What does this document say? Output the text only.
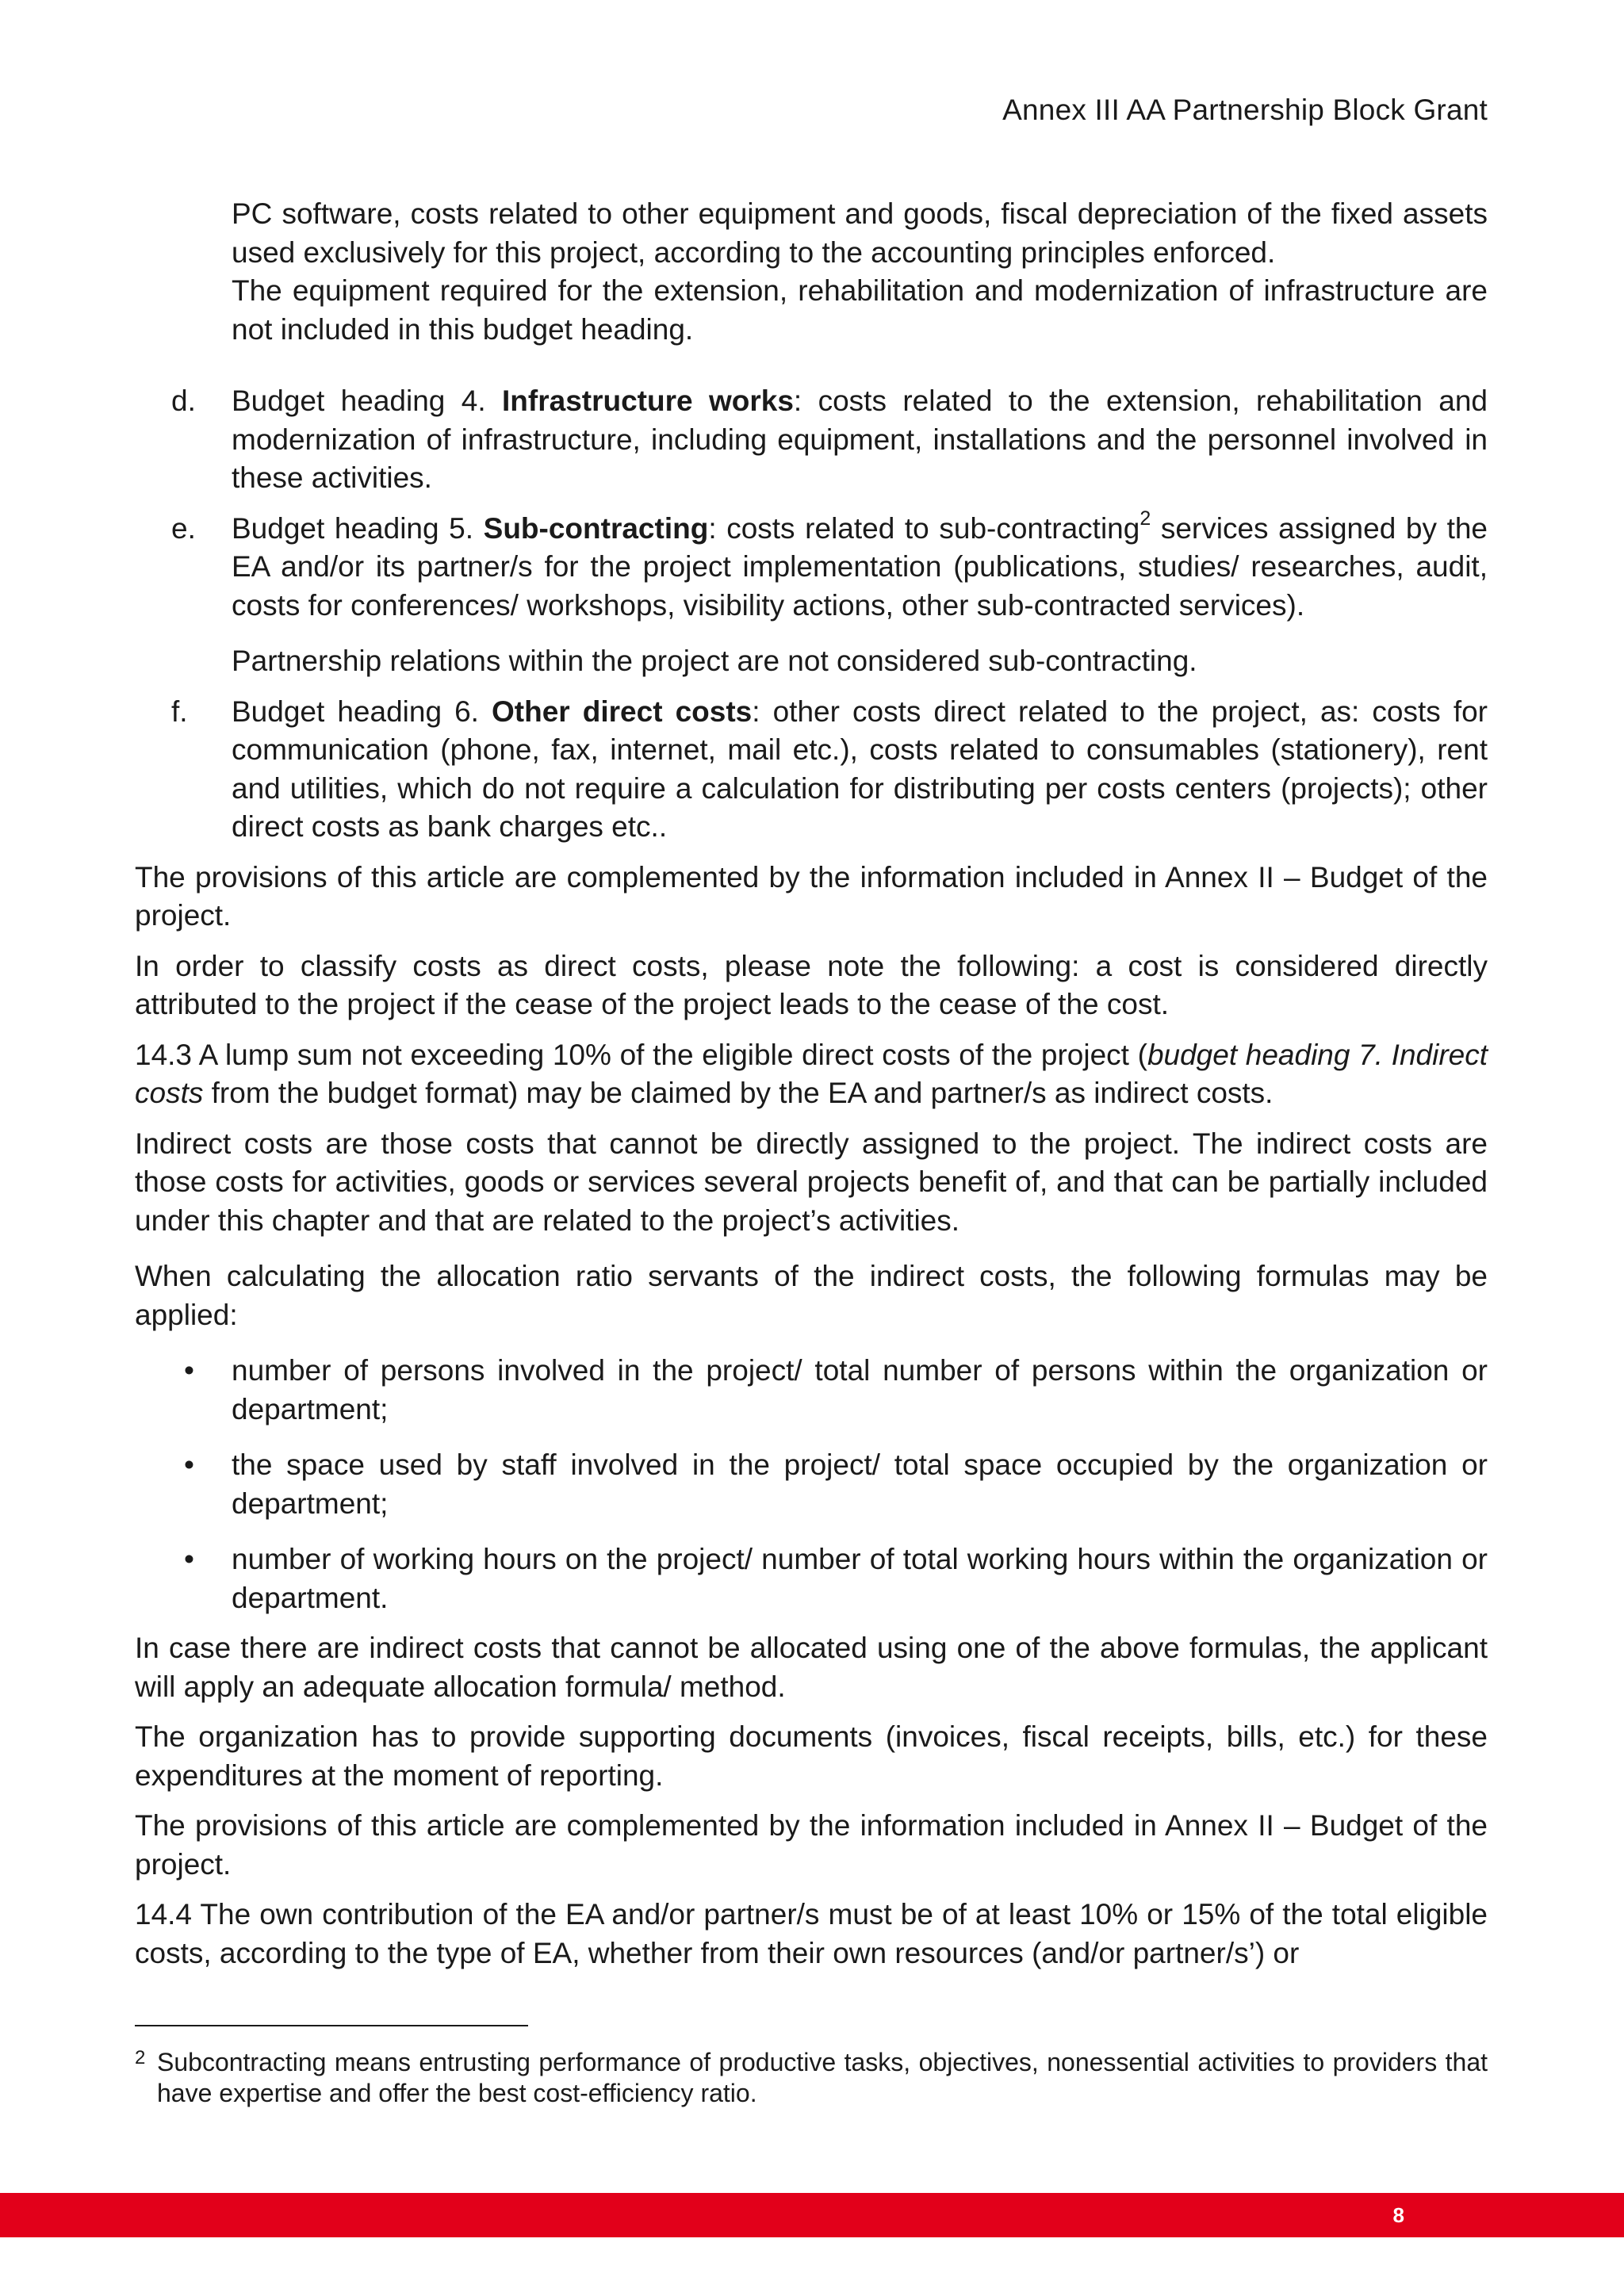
Annex III AA Partnership Block Grant

PC software, costs related to other equipment and goods, fiscal depreciation of the fixed assets used exclusively for this project, according to the accounting principles enforced.

The equipment required for the extension, rehabilitation and modernization of infrastructure are not included in this budget heading.

d. Budget heading 4. Infrastructure works: costs related to the extension, rehabilitation and modernization of infrastructure, including equipment, installations and the personnel involved in these activities.
e. Budget heading 5. Sub-contracting: costs related to sub-contracting$^2$ services assigned by the EA and/or its partner/s for the project implementation (publications, studies/ researches, audit, costs for conferences/ workshops, visibility actions, other sub-contracted services).

Partnership relations within the project are not considered sub-contracting.

f. Budget heading 6. Other direct costs: other costs direct related to the project, as: costs for communication (phone, fax, internet, mail etc.), costs related to consumables (stationery), rent and utilities, which do not require a calculation for distributing per costs centers (projects); other direct costs as bank charges etc..

The provisions of this article are complemented by the information included in Annex II – Budget of the project.

In order to classify costs as direct costs, please note the following: a cost is considered directly attributed to the project if the cease of the project leads to the cease of the cost.

14.3 A lump sum not exceeding 10% of the eligible direct costs of the project (budget heading 7. Indirect costs from the budget format) may be claimed by the EA and partner/s as indirect costs.

Indirect costs are those costs that cannot be directly assigned to the project. The indirect costs are those costs for activities, goods or services several projects benefit of, and that can be partially included under this chapter and that are related to the project’s activities.

When calculating the allocation ratio servants of the indirect costs, the following formulas may be applied:

• number of persons involved in the project/ total number of persons within the organization or department;
• the space used by staff involved in the project/ total space occupied by the organization or department;
• number of working hours on the project/ number of total working hours within the organization or department.

In case there are indirect costs that cannot be allocated using one of the above formulas, the applicant will apply an adequate allocation formula/ method.

The organization has to provide supporting documents (invoices, fiscal receipts, bills, etc.) for these expenditures at the moment of reporting.

The provisions of this article are complemented by the information included in Annex II – Budget of the project.

14.4 The own contribution of the EA and/or partner/s must be of at least 10% or 15% of the total eligible costs, according to the type of EA, whether from their own resources (and/or partner/s’) or

2 Subcontracting means entrusting performance of productive tasks, objectives, nonessential activities to providers that have expertise and offer the best cost-efficiency ratio.
8
